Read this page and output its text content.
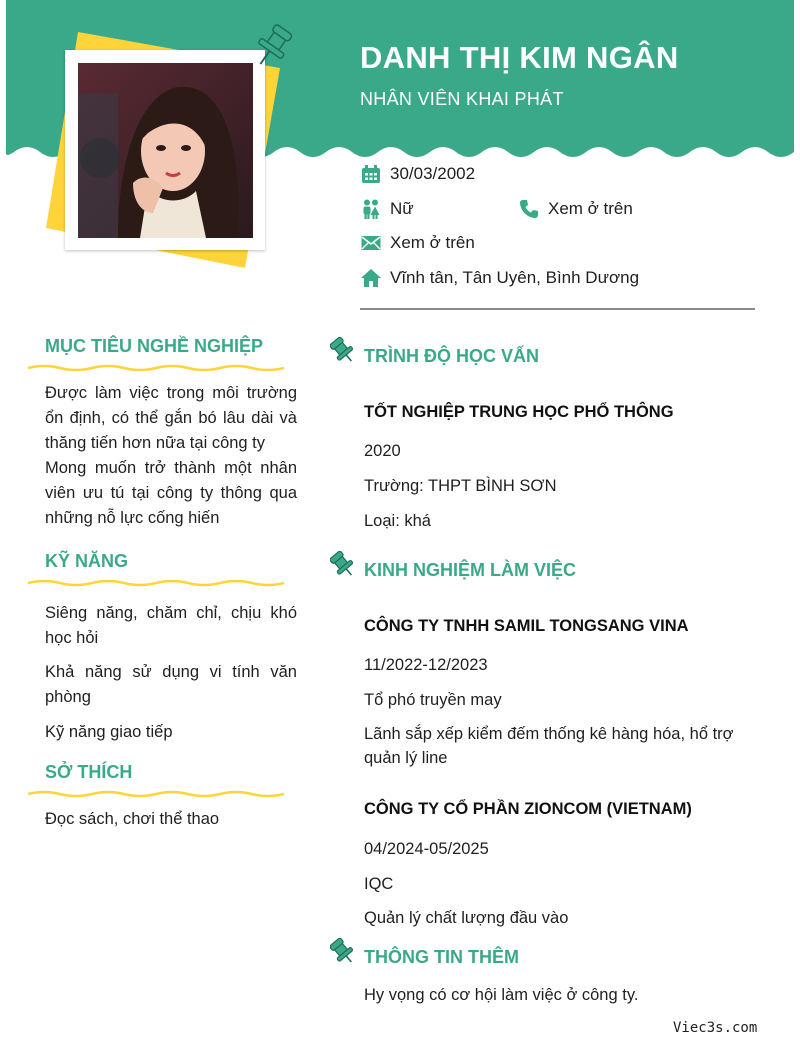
DANH THỊ KIM NGÂN
NHÂN VIÊN KHAI PHÁT
30/03/2002
Nữ	Xem ở trên
Xem ở trên
Vĩnh tân, Tân Uyên, Bình Dương
MỤC TIÊU NGHỀ NGHIỆP
Được làm việc trong môi trường ổn định, có thể gắn bó lâu dài và thăng tiến hơn nữa tại công ty
Mong muốn trở thành một nhân viên ưu tú tại công ty thông qua những nỗ lực cống hiến
KỸ NĂNG
Siêng năng, chăm chỉ, chịu khó học hỏi
Khả năng sử dụng vi tính văn phòng
Kỹ năng giao tiếp
SỞ THÍCH
Đọc sách, chơi thể thao
TRÌNH ĐỘ HỌC VẤN
TỐT NGHIỆP TRUNG HỌC PHỔ THÔNG
2020
Trường: THPT BÌNH SƠN
Loại: khá
KINH NGHIỆM LÀM VIỆC
CÔNG TY TNHH SAMIL TONGSANG VINA
11/2022-12/2023
Tổ phó truyền may
Lãnh sắp xếp kiểm đếm thống kê hàng hóa, hổ trợ quản lý line
CÔNG TY CỔ PHẦN ZIONCOM (VIETNAM)
04/2024-05/2025
IQC
Quản lý chất lượng đầu vào
THÔNG TIN THÊM
Hy vọng có cơ hội làm việc ở công ty.
Viec3s.com
